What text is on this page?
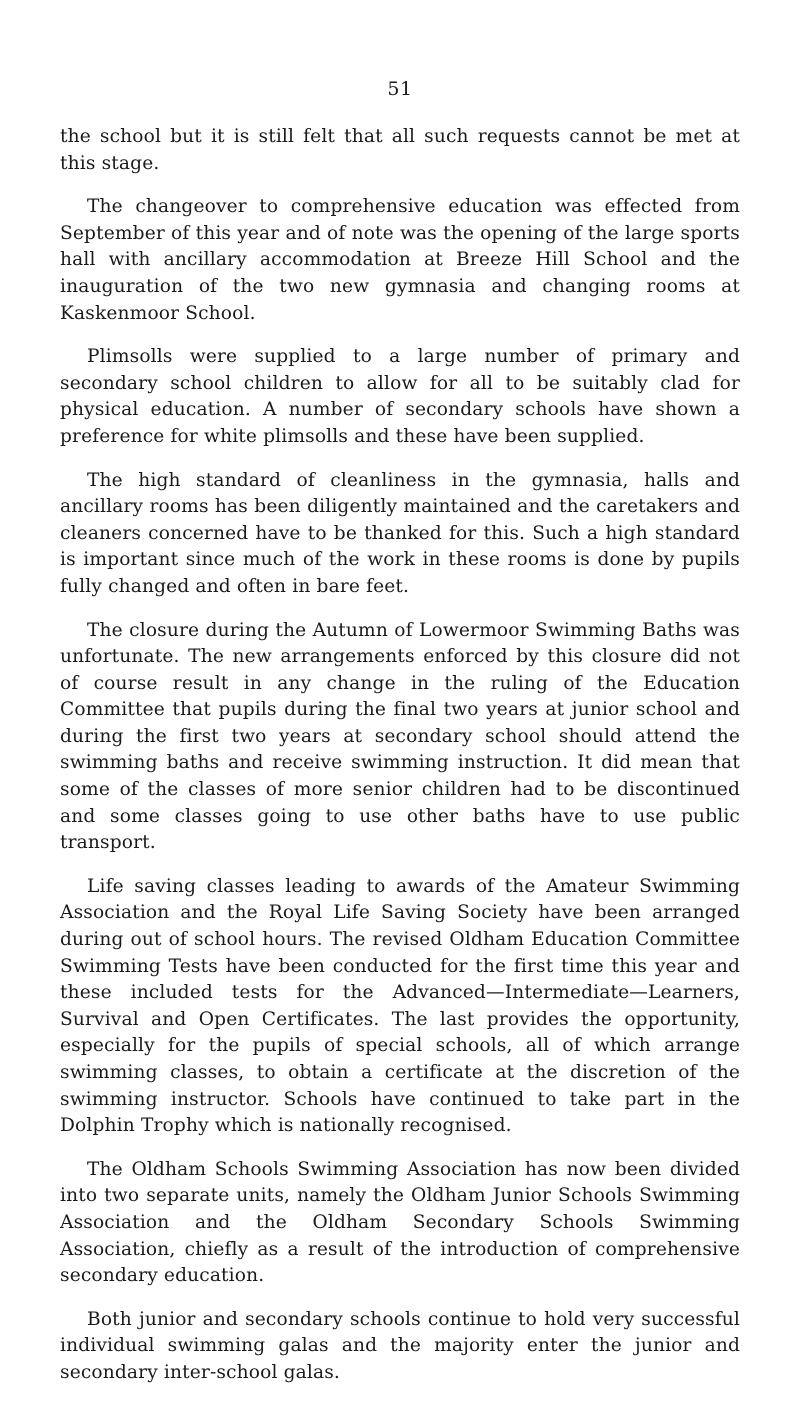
51

the school but it is still felt that all such requests cannot be met at this stage.

The changeover to comprehensive education was effected from September of this year and of note was the opening of the large sports hall with ancillary accommodation at Breeze Hill School and the inauguration of the two new gymnasia and changing rooms at Kaskenmoor School.

Plimsolls were supplied to a large number of primary and secondary school children to allow for all to be suitably clad for physical education. A number of secondary schools have shown a preference for white plimsolls and these have been supplied.

The high standard of cleanliness in the gymnasia, halls and ancillary rooms has been diligently maintained and the caretakers and cleaners concerned have to be thanked for this. Such a high standard is important since much of the work in these rooms is done by pupils fully changed and often in bare feet.

The closure during the Autumn of Lowermoor Swimming Baths was unfortunate. The new arrangements enforced by this closure did not of course result in any change in the ruling of the Education Committee that pupils during the final two years at junior school and during the first two years at secondary school should attend the swimming baths and receive swimming instruction. It did mean that some of the classes of more senior children had to be discontinued and some classes going to use other baths have to use public transport.

Life saving classes leading to awards of the Amateur Swimming Association and the Royal Life Saving Society have been arranged during out of school hours. The revised Oldham Education Committee Swimming Tests have been conducted for the first time this year and these included tests for the Advanced—Intermediate—Learners, Survival and Open Certificates. The last provides the opportunity, especially for the pupils of special schools, all of which arrange swimming classes, to obtain a certificate at the discretion of the swimming instructor. Schools have continued to take part in the Dolphin Trophy which is nationally recognised.

The Oldham Schools Swimming Association has now been divided into two separate units, namely the Oldham Junior Schools Swimming Association and the Oldham Secondary Schools Swimming Association, chiefly as a result of the introduction of comprehensive secondary education.

Both junior and secondary schools continue to hold very successful individual swimming galas and the majority enter the junior and secondary inter-school galas.
